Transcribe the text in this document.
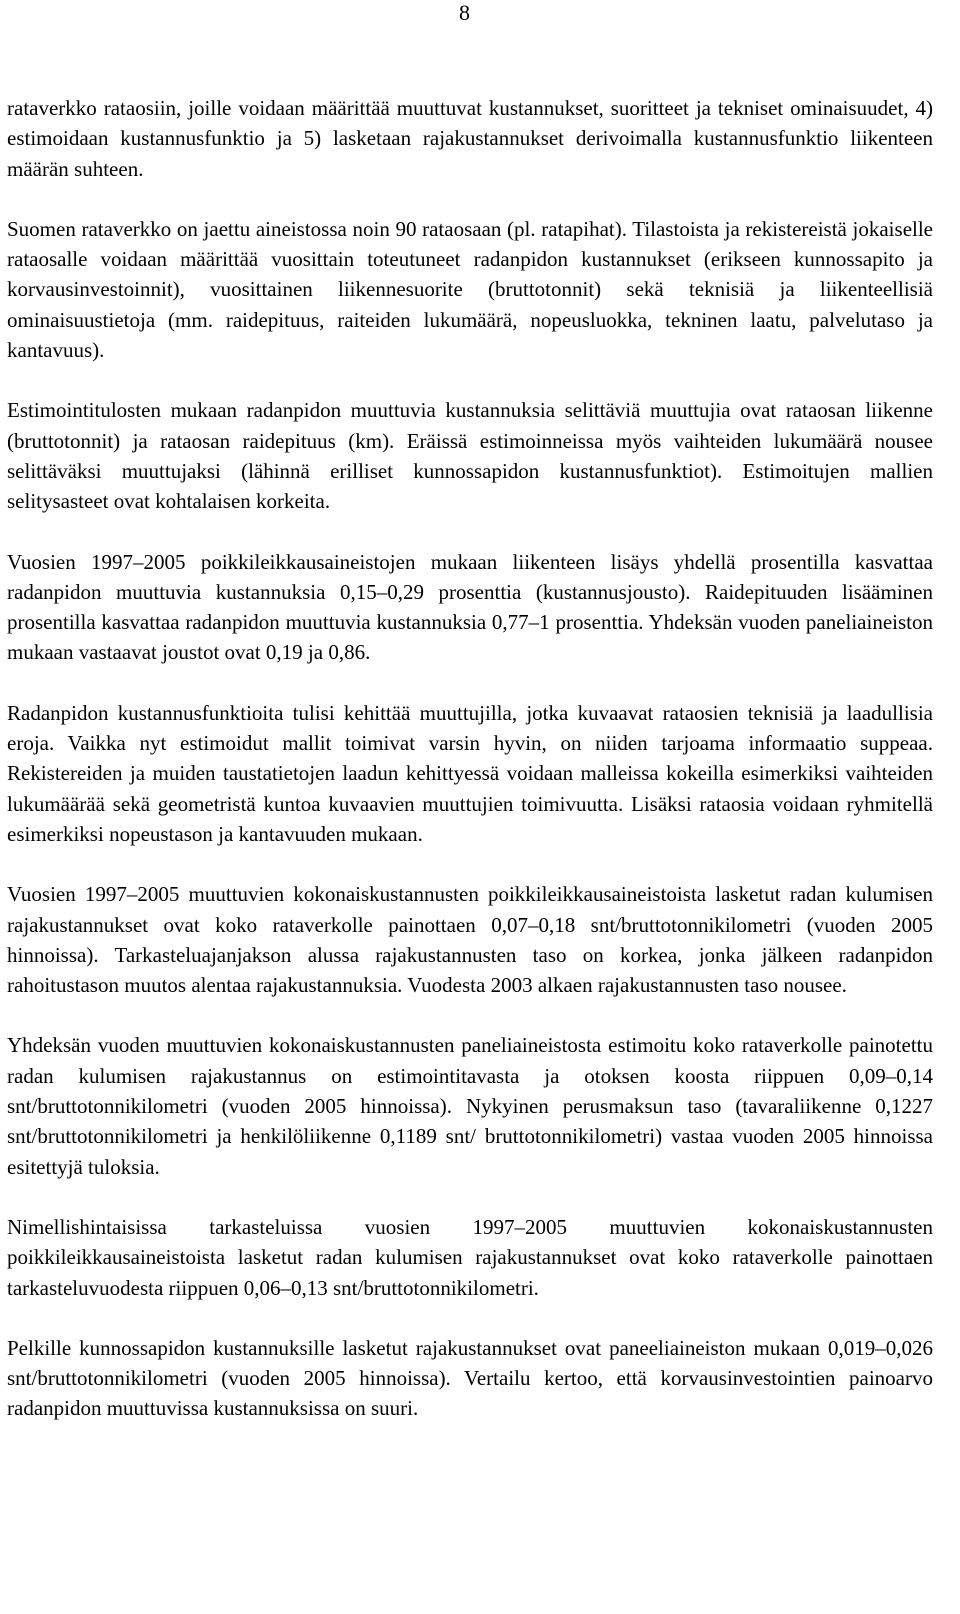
8

rataverkko rataosiin, joille voidaan määrittää muuttuvat kustannukset, suoritteet ja tekniset ominaisuudet, 4) estimoidaan kustannusfunktio ja 5) lasketaan rajakustannukset derivoimalla kustannusfunktio liikenteen määrän suhteen.

Suomen rataverkko on jaettu aineistossa noin 90 rataosaan (pl. ratapihat). Tilastoista ja rekistereistä jokaiselle rataosalle voidaan määrittää vuosittain toteutuneet radanpidon kustannukset (erikseen kunnossapito ja korvausinvestoinnit), vuosittainen liikennesuorite (bruttotonnit) sekä teknisiä ja liikenteellisiä ominaisuustietoja (mm. raidepituus, raiteiden lukumäärä, nopeusluokka, tekninen laatu, palvelutaso ja kantavuus).

Estimointitulosten mukaan radanpidon muuttuvia kustannuksia selittäviä muuttujia ovat rataosan liikenne (bruttotonnit) ja rataosan raidepituus (km). Eräissä estimoinneissa myös vaihteiden lukumäärä nousee selittäväksi muuttujaksi (lähinnä erilliset kunnossapidon kustannusfunktiot). Estimoitujen mallien selitysasteet ovat kohtalaisen korkeita.

Vuosien 1997–2005 poikkileikkausaineistojen mukaan liikenteen lisäys yhdellä prosentilla kasvattaa radanpidon muuttuvia kustannuksia 0,15–0,29 prosenttia (kustannusjousto). Raidepituuden lisääminen prosentilla kasvattaa radanpidon muuttuvia kustannuksia 0,77–1 prosenttia. Yhdeksän vuoden paneliaineiston mukaan vastaavat joustot ovat 0,19 ja 0,86.

Radanpidon kustannusfunktioita tulisi kehittää muuttujilla, jotka kuvaavat rataosien teknisiä ja laadullisia eroja. Vaikka nyt estimoidut mallit toimivat varsin hyvin, on niiden tarjoama informaatio suppeaa. Rekistereiden ja muiden taustatietojen laadun kehittyessä voidaan malleissa kokeilla esimerkiksi vaihteiden lukumäärää sekä geometristä kuntoa kuvaavien muuttujien toimivuutta. Lisäksi rataosia voidaan ryhmitellä esimerkiksi nopeustason ja kantavuuden mukaan.

Vuosien 1997–2005 muuttuvien kokonaiskustannusten poikkileikkausaineistoista lasketut radan kulumisen rajakustannukset ovat koko rataverkolle painottaen 0,07–0,18 snt/bruttotonnikilometri (vuoden 2005 hinnoissa). Tarkasteluajanjakson alussa rajakustannusten taso on korkea, jonka jälkeen radanpidon rahoitustason muutos alentaa rajakustannuksia. Vuodesta 2003 alkaen rajakustannusten taso nousee.

Yhdeksän vuoden muuttuvien kokonaiskustannusten paneliaineistosta estimoitu koko rataverkolle painotettu radan kulumisen rajakustannus on estimointitavasta ja otoksen koosta riippuen 0,09–0,14 snt/bruttotonnikilometri (vuoden 2005 hinnoissa). Nykyinen perusmaksun taso (tavaraliikenne 0,1227 snt/bruttotonnikilometri ja henkilöliikenne 0,1189 snt/ bruttotonnikilometri) vastaa vuoden 2005 hinnoissa esitettyjä tuloksia.

Nimellishintaisissa tarkasteluissa vuosien 1997–2005 muuttuvien kokonaiskustannusten poikkileikkausaineistoista lasketut radan kulumisen rajakustannukset ovat koko rataverkolle painottaen tarkasteluvuodesta riippuen 0,06–0,13 snt/bruttotonnikilometri.

Pelkille kunnossapidon kustannuksille lasketut rajakustannukset ovat paneeliaineiston mukaan 0,019–0,026 snt/bruttotonnikilometri (vuoden 2005 hinnoissa). Vertailu kertoo, että korvausinvestointien painoarvo radanpidon muuttuvissa kustannuksissa on suuri.
